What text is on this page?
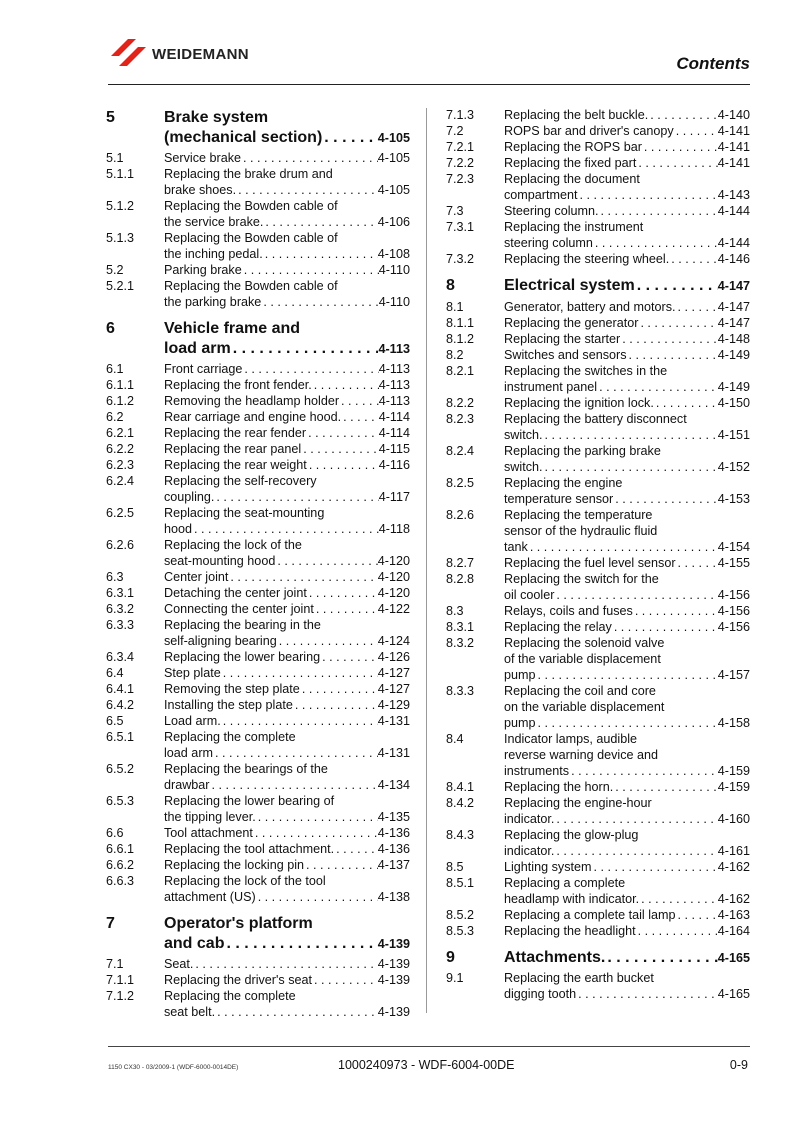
WEIDEMANN	Contents
5	Brake system
(mechanical section) . . .	4-105
5.1	Service brake . . .	4-105
5.1.1	Replacing the brake drum and
brake shoes. . . .	4-105
5.1.2	Replacing the Bowden cable of
the service brake. . . .	4-106
5.1.3	Replacing the Bowden cable of
the inching pedal. . . .	4-108
5.2	Parking brake . . .	4-110
5.2.1	Replacing the Bowden cable of
the parking brake . . .	4-110
6	Vehicle frame and
load arm . . .	4-113
6.1	Front carriage . . .	4-113
6.1.1	Replacing the front fender. . . .	4-113
6.1.2	Removing the headlamp holder . . .	4-113
6.2	Rear carriage and engine hood. . . .	4-114
6.2.1	Replacing the rear fender . . .	4-114
6.2.2	Replacing the rear panel . . .	4-115
6.2.3	Replacing the rear weight . . .	4-116
6.2.4	Replacing the self-recovery
coupling. . . .	4-117
6.2.5	Replacing the seat-mounting
hood . . .	4-118
6.2.6	Replacing the lock of the
seat-mounting hood . . .	4-120
6.3	Center joint . . .	4-120
6.3.1	Detaching the center joint . . .	4-120
6.3.2	Connecting the center joint . . .	4-122
6.3.3	Replacing the bearing in the
self-aligning bearing . . .	4-124
6.3.4	Replacing the lower bearing . . .	4-126
6.4	Step plate . . .	4-127
6.4.1	Removing the step plate . . .	4-127
6.4.2	Installing the step plate . . .	4-129
6.5	Load arm. . . .	4-131
6.5.1	Replacing the complete
load arm . . .	4-131
6.5.2	Replacing the bearings of the
drawbar . . .	4-134
6.5.3	Replacing the lower bearing of
the tipping lever. . . .	4-135
6.6	Tool attachment . . .	4-136
6.6.1	Replacing the tool attachment. . . .	4-136
6.6.2	Replacing the locking pin . . .	4-137
6.6.3	Replacing the lock of the tool
attachment (US) . . .	4-138
7	Operator's platform
and cab . . .	4-139
7.1	Seat. . . .	4-139
7.1.1	Replacing the driver's seat . . .	4-139
7.1.2	Replacing the complete
seat belt. . . .	4-139
7.1.3	Replacing the belt buckle. . . .	4-140
7.2	ROPS bar and driver's canopy . . .	4-141
7.2.1	Replacing the ROPS bar . . .	4-141
7.2.2	Replacing the fixed part . . .	4-141
7.2.3	Replacing the document
compartment . . .	4-143
7.3	Steering column. . . .	4-144
7.3.1	Replacing the instrument
steering column . . .	4-144
7.3.2	Replacing the steering wheel. . . .	4-146
8	Electrical system . . .	4-147
8.1	Generator, battery and motors. . . .	4-147
8.1.1	Replacing the generator . . .	4-147
8.1.2	Replacing the starter . . .	4-148
8.2	Switches and sensors . . .	4-149
8.2.1	Replacing the switches in the
instrument panel . . .	4-149
8.2.2	Replacing the ignition lock. . . .	4-150
8.2.3	Replacing the battery disconnect
switch. . . .	4-151
8.2.4	Replacing the parking brake
switch. . . .	4-152
8.2.5	Replacing the engine
temperature sensor . . .	4-153
8.2.6	Replacing the temperature
sensor of the hydraulic fluid
tank . . .	4-154
8.2.7	Replacing the fuel level sensor . . .	4-155
8.2.8	Replacing the switch for the
oil cooler . . .	4-156
8.3	Relays, coils and fuses . . .	4-156
8.3.1	Replacing the relay . . .	4-156
8.3.2	Replacing the solenoid valve
of the variable displacement
pump . . .	4-157
8.3.3	Replacing the coil and core
on the variable displacement
pump . . .	4-158
8.4	Indicator lamps, audible
reverse warning device and
instruments . . .	4-159
8.4.1	Replacing the horn. . . .	4-159
8.4.2	Replacing the engine-hour
indicator. . . .	4-160
8.4.3	Replacing the glow-plug
indicator. . . .	4-161
8.5	Lighting system . . .	4-162
8.5.1	Replacing a complete
headlamp with indicator. . . .	4-162
8.5.2	Replacing a complete tail lamp . . .	4-163
8.5.3	Replacing the headlight . . .	4-164
9	Attachments. . . .	4-165
9.1	Replacing the earth bucket
digging tooth . . .	4-165
1150 CX30 - 03/2009-1 (WDF-6000-0014DE)	1000240973 - WDF-6004-00DE	0-9
